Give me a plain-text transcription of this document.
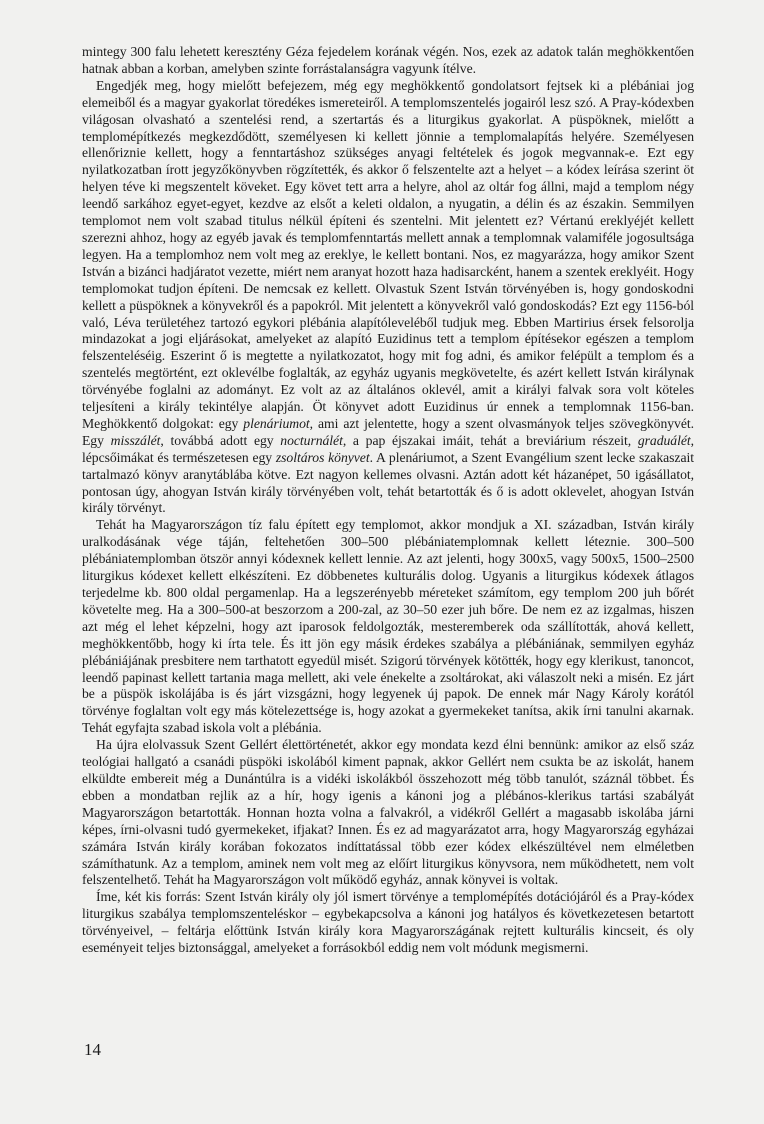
mintegy 300 falu lehetett keresztény Géza fejedelem korának végén. Nos, ezek az adatok talán meghökkentően hatnak abban a korban, amelyben szinte forrástalanságra vagyunk ítélve.

Engedjék meg, hogy mielőtt befejezem, még egy meghökkentő gondolatsort fejtsek ki a plébániai jog elemeiből és a magyar gyakorlat töredékes ismereteiről. A templomszentelés jogairól lesz szó. A Pray-kódexben világosan olvasható a szentelési rend, a szertartás és a liturgikus gyakorlat. A püspöknek, mielőtt a templomépítkezés megkezdődött, személyesen ki kellett jönnie a templomalapítás helyére. Személyesen ellenőriznie kellett, hogy a fenntartáshoz szükséges anyagi feltételek és jogok megvannak-e. Ezt egy nyilatkozatban írott jegyzőkönyvben rögzítették, és akkor ő felszentelte azt a helyet – a kódex leírása szerint öt helyen téve ki megszentelt köveket. Egy követ tett arra a helyre, ahol az oltár fog állni, majd a templom négy leendő sarkához egyet-egyet, kezdve az elsőt a keleti oldalon, a nyugatin, a délin és az északin. Semmilyen templomot nem volt szabad titulus nélkül építeni és szentelni. Mit jelentett ez? Vértanú ereklyéjét kellett szerezni ahhoz, hogy az egyéb javak és templomfenntartás mellett annak a templomnak valamiféle jogosultsága legyen. Ha a templomhoz nem volt meg az ereklye, le kellett bontani. Nos, ez magyarázza, hogy amikor Szent István a bizánci hadjáratot vezette, miért nem aranyat hozott haza hadisarcként, hanem a szentek ereklyéit. Hogy templomokat tudjon építeni. De nemcsak ez kellett. Olvastuk Szent István törvényében is, hogy gondoskodni kellett a püspöknek a könyvekről és a papokról. Mit jelentett a könyvekről való gondoskodás? Ezt egy 1156-ból való, Léva területéhez tartozó egykori plébánia alapítóleveléből tudjuk meg. Ebben Martirius érsek felsorolja mindazokat a jogi eljárásokat, amelyeket az alapító Euzidinus tett a templom építésekor egészen a templom felszenteléséig. Eszerint ő is megtette a nyilatkozatot, hogy mit fog adni, és amikor felépült a templom és a szentelés megtörtént, ezt oklevélbe foglalták, az egyház ugyanis megkövetelte, és azért kellett István királynak törvényébe foglalni az adományt. Ez volt az az általános oklevél, amit a királyi falvak sora volt köteles teljesíteni a király tekintélye alapján. Öt könyvet adott Euzidinus úr ennek a templomnak 1156-ban. Meghökkentő dolgokat: egy plenáriumot, ami azt jelentette, hogy a szent olvasmányok teljes szövegkönyvét. Egy misszálét, továbbá adott egy nocturnálét, a pap éjszakai imáit, tehát a breviárium részeit, graduálét, lépcsőimákat és természetesen egy zsoltáros könyvet. A plenáriumot, a Szent Evangélium szent lecke szakaszait tartalmazó könyv aranytáblába kötve. Ezt nagyon kellemes olvasni. Aztán adott két házanépet, 50 igásállatot, pontosan úgy, ahogyan István király törvényében volt, tehát betartották és ő is adott oklevelet, ahogyan István király törvényt.

Tehát ha Magyarországon tíz falu épített egy templomot, akkor mondjuk a XI. században, István király uralkodásának vége táján, feltehetően 300–500 plébániatemplomnak kellett léteznie. 300–500 plébániatemplomban ötször annyi kódexnek kellett lennie. Az azt jelenti, hogy 300x5, vagy 500x5, 1500–2500 liturgikus kódexet kellett elkészíteni. Ez döbbenetes kulturális dolog. Ugyanis a liturgikus kódexek átlagos terjedelme kb. 800 oldal pergamenlap. Ha a legszerényebb méreteket számítom, egy templom 200 juh bőrét követelte meg. Ha a 300–500-at beszorzom a 200-zal, az 30–50 ezer juh bőre. De nem ez az izgalmas, hiszen azt még el lehet képzelni, hogy azt iparosok feldolgozták, mesteremberek oda szállították, ahová kellett, meghökkentőbb, hogy ki írta tele. És itt jön egy másik érdekes szabálya a plébániának, semmilyen egyház plébániájának presbitere nem tarthatott egyedül misét. Szigorú törvények kötötték, hogy egy klerikust, tanoncot, leendő papinast kellett tartania maga mellett, aki vele énekelte a zsoltárokat, aki válaszolt neki a misén. Ez járt be a püspök iskolájába is és járt vizsgázni, hogy legyenek új papok. De ennek már Nagy Károly korától törvénye foglaltan volt egy más kötelezettsége is, hogy azokat a gyermekeket tanítsa, akik írni tanulni akarnak. Tehát egyfajta szabad iskola volt a plébánia.

Ha újra elolvassuk Szent Gellért élettörténetét, akkor egy mondata kezd élni bennünk: amikor az első száz teológiai hallgató a csanádi püspöki iskolából kiment papnak, akkor Gellért nem csukta be az iskolát, hanem elküldte embereit még a Dunántúlra is a vidéki iskolákból összehozott még több tanulót, száznál többet. És ebben a mondatban rejlik az a hír, hogy igenis a kánoni jog a plébános-klerikus tartási szabályát Magyarországon betartották. Honnan hozta volna a falvakról, a vidékről Gellért a magasabb iskolába járni képes, írni-olvasni tudó gyermekeket, ifjakat? Innen. És ez ad magyarázatot arra, hogy Magyarország egyházai számára István király korában fokozatos indíttatással több ezer kódex elkészültével nem elméletben számíthatunk. Az a templom, aminek nem volt meg az előírt liturgikus könyvsora, nem működhetett, nem volt felszentelhető. Tehát ha Magyarországon volt működő egyház, annak könyvei is voltak.

Íme, két kis forrás: Szent István király oly jól ismert törvénye a templomépítés dotációjáról és a Pray-kódex liturgikus szabálya templomszenteléskor – egybekapcsolva a kánoni jog hatályos és következetesen betartott törvényeivel, – feltárja előttünk István király kora Magyarországának rejtett kulturális kincseit, és oly eseményeit teljes biztonsággal, amelyeket a forrásokból eddig nem volt módunk megismerni.

14
